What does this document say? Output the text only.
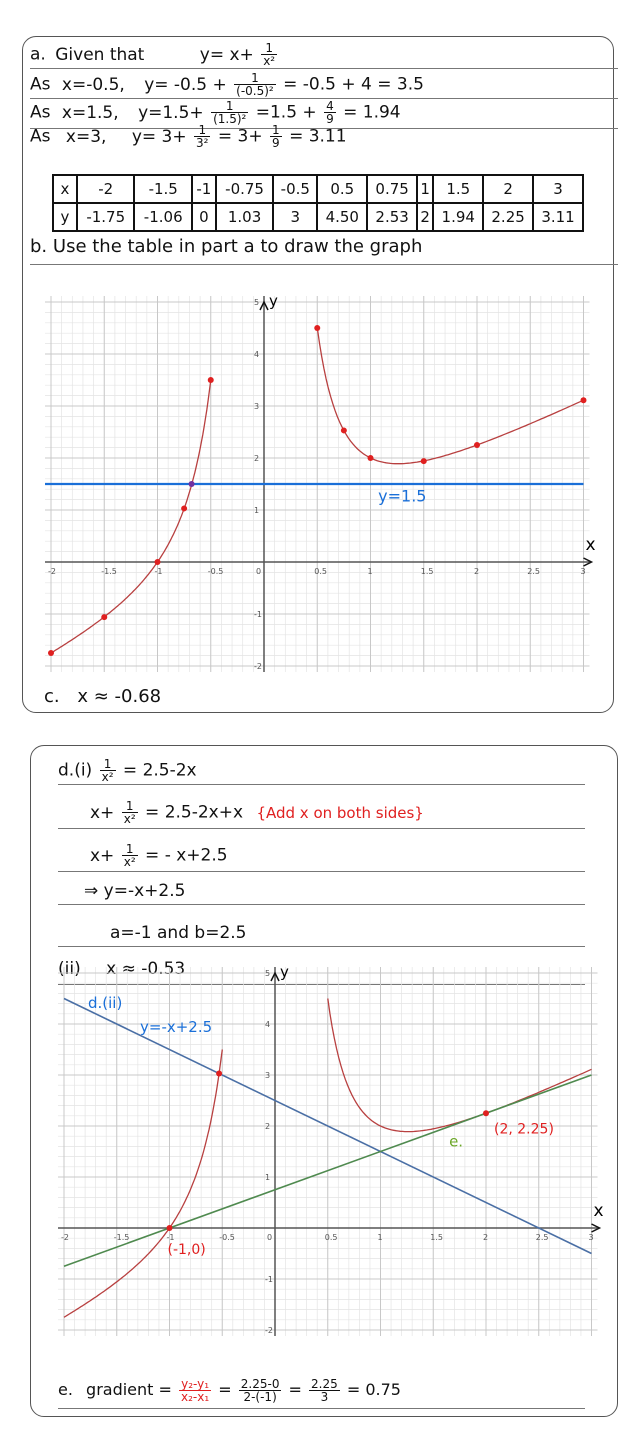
a. Given that	$y= x+ \frac{1}{\text{x²}}$
As x=-0.5, $y= -0.5 + \frac{1}{\text{(-0.5)²}} = -0.5 + 4 = 3.5$
As x=1.5, $y=1.5+ \frac{1}{\text{(1.5)²}} =1.5 + \frac{4}{9} = 1.94$
As x=3, $y= 3+ \frac{1}{\text{3²}} = 3+ \frac{1}{9} = 3.11$
x	-2	-1.5	-1	-0.75	-0.5	0.5	0.75	1	1.5	2	3
y	-1.75	-1.06	0	1.03	3	4.50	2.53	2	1.94	2.25	3.11
b. Use the table in part a to draw the graph
-2	-1.5	-1	-0.5	0	0.5	1	1.5	2	2.5	3
-2
-1
1
2
3
4
5 y
x
y=1.5
c. x ≈ -0.68
$d.(i) \frac{1}{\text{x²}} = 2.5-2x$
$x+ \frac{1}{\text{x²}} = 2.5-2x+x$ {Add x on both sides}
$x+ \frac{1}{\text{x²}}$ = - x+2.5
⇒ y=-x+2.5
a=-1 and b=2.5
(ii) x ≈ -0.53
-2	-1.5	-1	-0.5	0	0.5	1	1.5	2	2.5	3
-2
-1
1
2
3
4
5 y
x
d.(ii)
y=-x+2.5
(2, 2.25)
(-1,0)
e.
e. gradient = $\frac{\text{y₂-y₁}}{\text{x₂-x₁}} = \frac{2.25-0}{2-(-1)} = \frac{2.25}{3} = 0.75$
